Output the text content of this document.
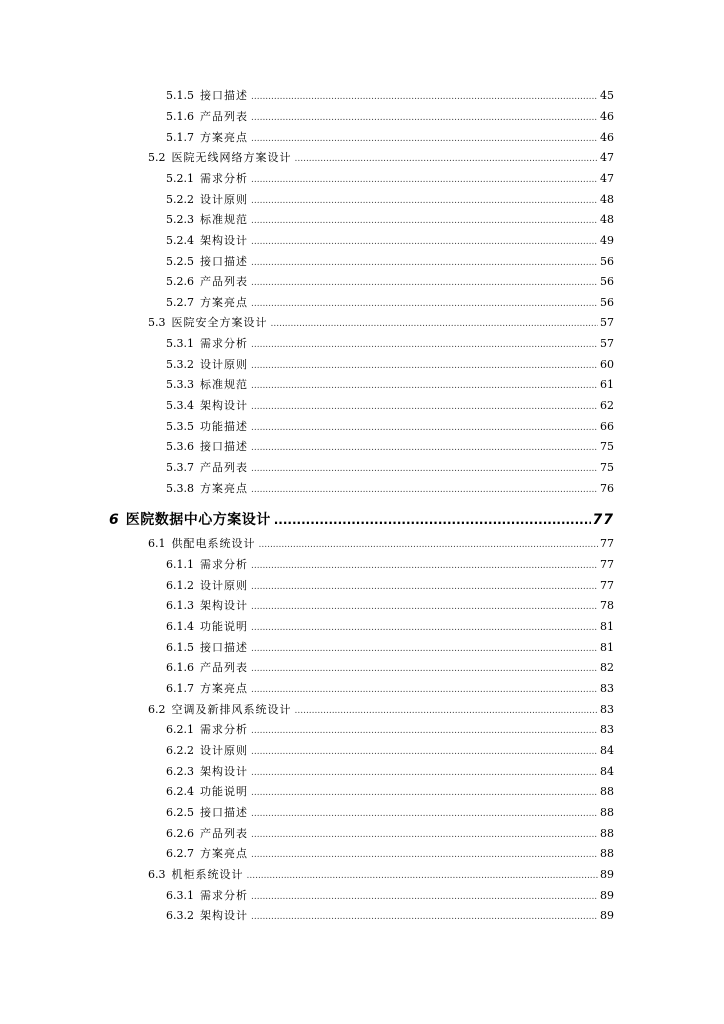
5.1.5 接口描述 .....	45
5.1.6 产品列表 .....	46
5.1.7 方案亮点 .....	46
5.2 医院无线网络方案设计 .....	47
5.2.1 需求分析 .....	47
5.2.2 设计原则 .....	48
5.2.3 标准规范 .....	48
5.2.4 架构设计 .....	49
5.2.5 接口描述 .....	56
5.2.6 产品列表 .....	56
5.2.7 方案亮点 .....	56
5.3 医院安全方案设计 .....	57
5.3.1 需求分析 .....	57
5.3.2 设计原则 .....	60
5.3.3 标准规范 .....	61
5.3.4 架构设计 .....	62
5.3.5 功能描述 .....	66
5.3.6 接口描述 .....	75
5.3.7 产品列表 .....	75
5.3.8 方案亮点 .....	76
6 医院数据中心方案设计 .....	77
6.1 供配电系统设计 .....	77
6.1.1 需求分析 .....	77
6.1.2 设计原则 .....	77
6.1.3 架构设计 .....	78
6.1.4 功能说明 .....	81
6.1.5 接口描述 .....	81
6.1.6 产品列表 .....	82
6.1.7 方案亮点 .....	83
6.2 空调及新排风系统设计 .....	83
6.2.1 需求分析 .....	83
6.2.2 设计原则 .....	84
6.2.3 架构设计 .....	84
6.2.4 功能说明 .....	88
6.2.5 接口描述 .....	88
6.2.6 产品列表 .....	88
6.2.7 方案亮点 .....	88
6.3 机柜系统设计 .....	89
6.3.1 需求分析 .....	89
6.3.2 架构设计 .....	89
